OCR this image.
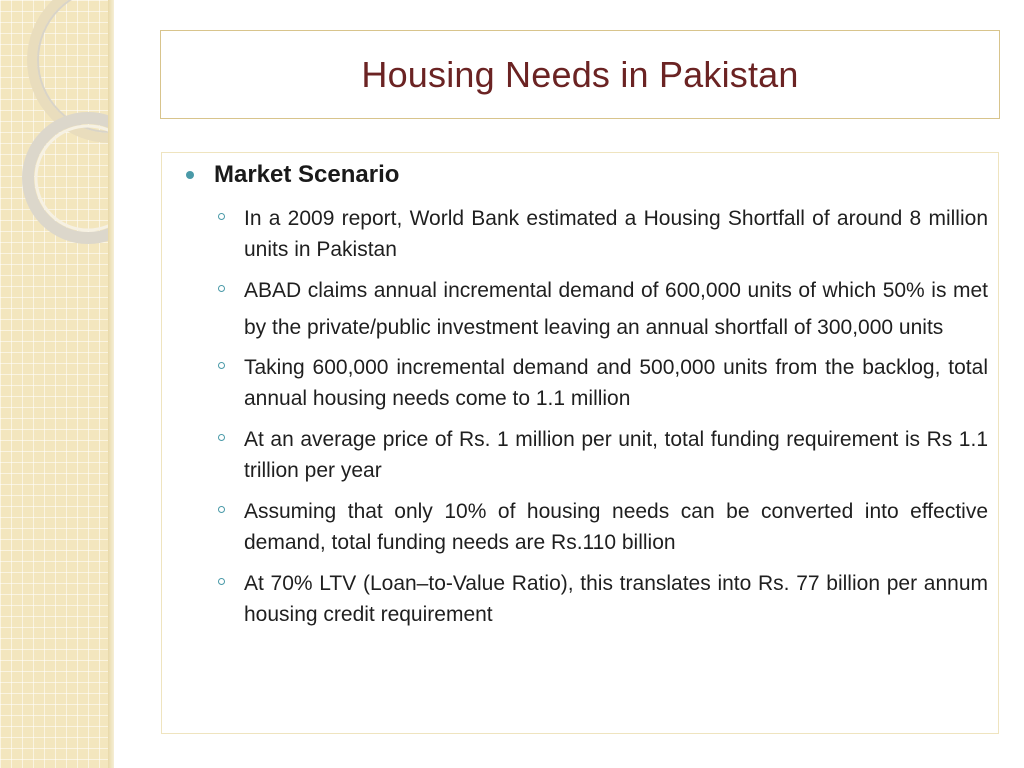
Housing Needs in Pakistan
Market Scenario
In a 2009 report, World Bank estimated a Housing Shortfall of around 8 million units in Pakistan
ABAD claims annual incremental demand of 600,000 units of which 50% is met by the private/public investment leaving an annual shortfall of 300,000 units
Taking 600,000 incremental demand and 500,000 units from the backlog, total annual housing needs come to 1.1 million
At an average price of Rs. 1 million per unit, total funding requirement is Rs 1.1 trillion per year
Assuming that only 10% of housing needs can be converted into effective demand, total funding needs are Rs.110 billion
At 70% LTV (Loan–to-Value Ratio), this translates into Rs. 77 billion per annum housing credit requirement
